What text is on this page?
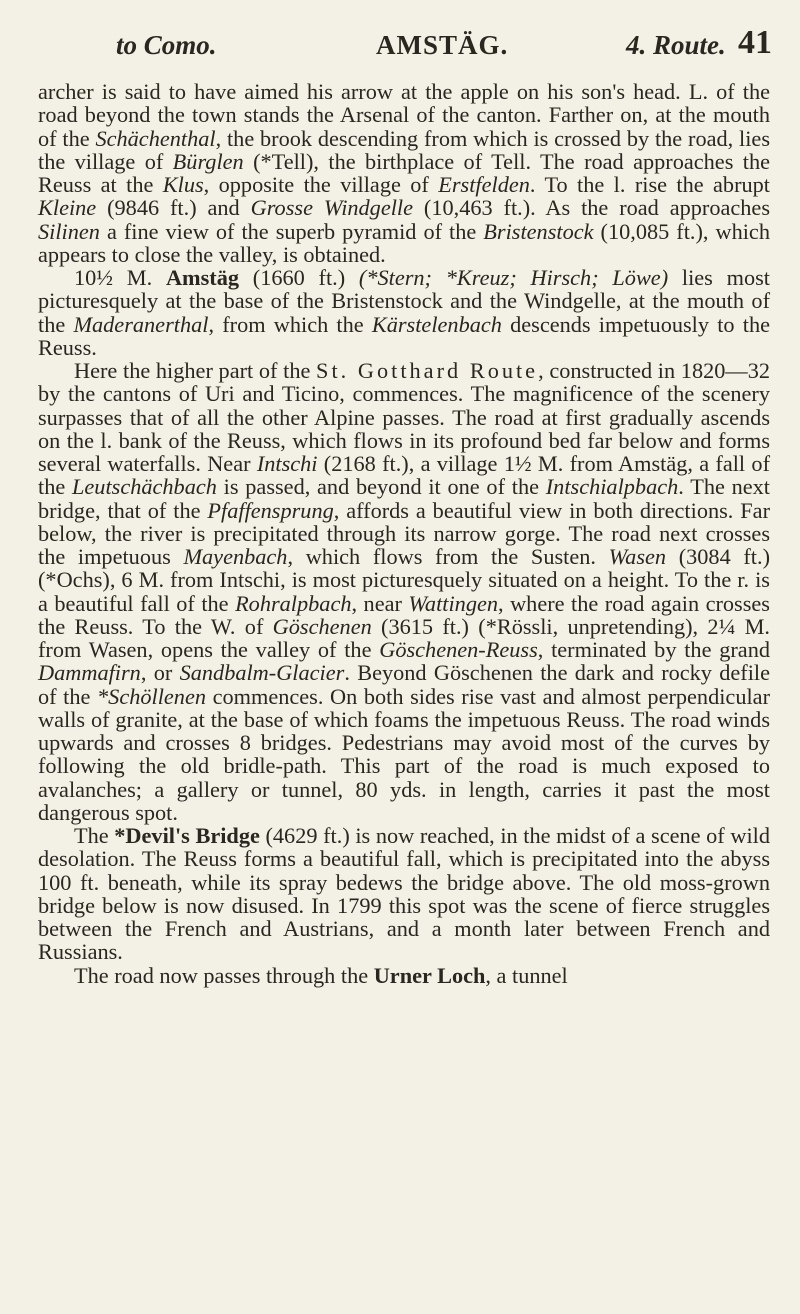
to Como.	AMSTÄG.	4. Route. 41

archer is said to have aimed his arrow at the apple on his son's head. L. of the road beyond the town stands the Arsenal of the canton. Farther on, at the mouth of the Schächenthal, the brook descending from which is crossed by the road, lies the village of Bürglen (*Tell), the birthplace of Tell. The road approaches the Reuss at the Klus, opposite the village of Erstfelden. To the l. rise the abrupt Kleine (9846 ft.) and Grosse Windgelle (10,463 ft.). As the road approaches Silinen a fine view of the superb pyramid of the Bristenstock (10,085 ft.), which appears to close the valley, is obtained.

10½ M. Amstäg (1660 ft.) (*Stern; *Kreuz; Hirsch; Löwe) lies most picturesquely at the base of the Bristenstock and the Windgelle, at the mouth of the Maderanerthal, from which the Kärstelenbach descends impetuously to the Reuss.

Here the higher part of the St. Gotthard Route, constructed in 1820—32 by the cantons of Uri and Ticino, commences. The magnificence of the scenery surpasses that of all the other Alpine passes. The road at first gradually ascends on the l. bank of the Reuss, which flows in its profound bed far below and forms several waterfalls. Near Intschi (2168 ft.), a village 1½ M. from Amstäg, a fall of the Leutschächbach is passed, and beyond it one of the Intschialpbach. The next bridge, that of the Pfaffensprung, affords a beautiful view in both directions. Far below, the river is precipitated through its narrow gorge. The road next crosses the impetuous Mayenbach, which flows from the Susten. Wasen (3084 ft.) (*Ochs), 6 M. from Intschi, is most picturesquely situated on a height. To the r. is a beautiful fall of the Rohralpbach, near Wattingen, where the road again crosses the Reuss. To the W. of Göschenen (3615 ft.) (*Rössli, unpretending), 2¼ M. from Wasen, opens the valley of the Göschenen-Reuss, terminated by the grand Dammafirn, or Sandbalm-Glacier. Beyond Göschenen the dark and rocky defile of the *Schöllenen commences. On both sides rise vast and almost perpendicular walls of granite, at the base of which foams the impetuous Reuss. The road winds upwards and crosses 8 bridges. Pedestrians may avoid most of the curves by following the old bridle-path. This part of the road is much exposed to avalanches; a gallery or tunnel, 80 yds. in length, carries it past the most dangerous spot.

The *Devil's Bridge (4629 ft.) is now reached, in the midst of a scene of wild desolation. The Reuss forms a beautiful fall, which is precipitated into the abyss 100 ft. beneath, while its spray bedews the bridge above. The old moss-grown bridge below is now disused. In 1799 this spot was the scene of fierce struggles between the French and Austrians, and a month later between French and Russians.

The road now passes through the Urner Loch, a tunnel
